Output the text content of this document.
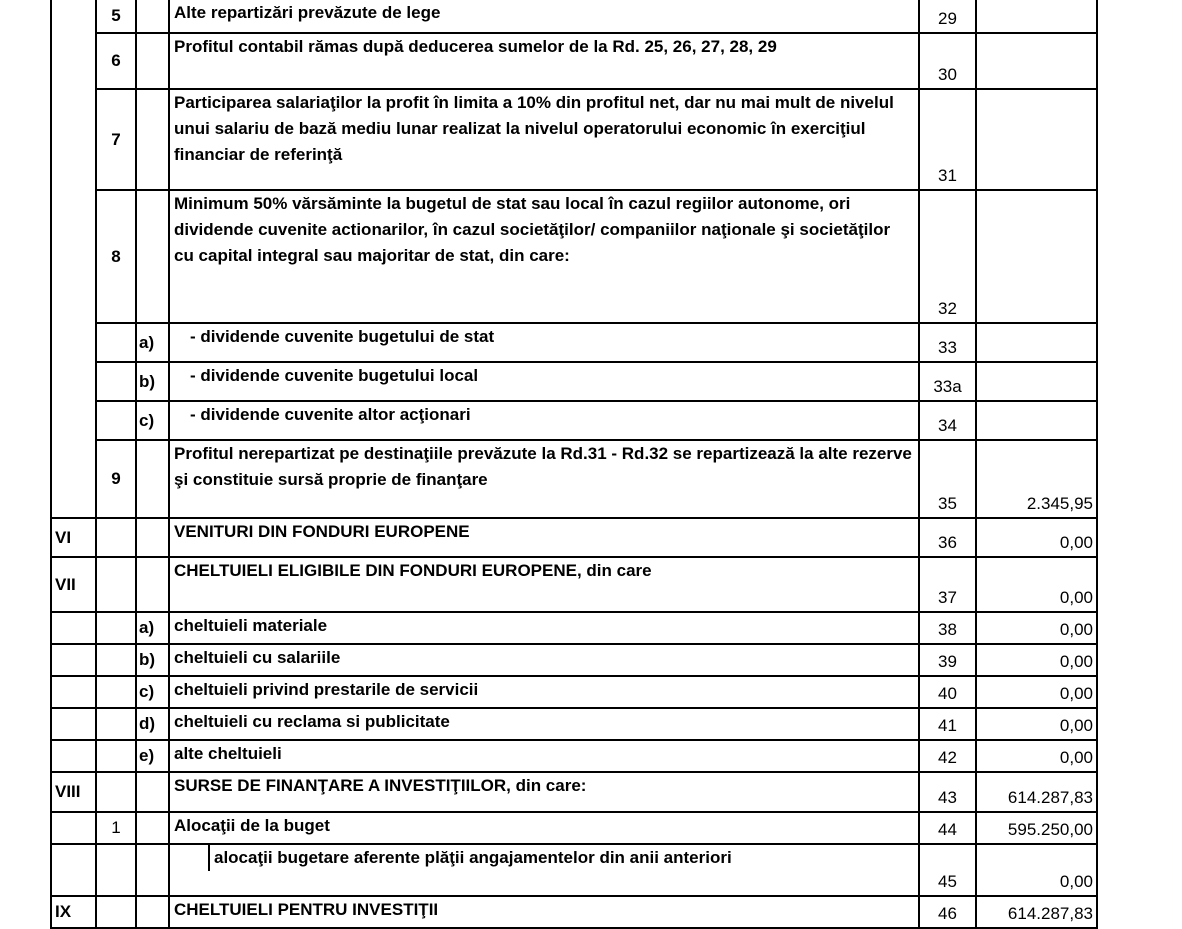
	5		Alte repartizări prevăzute de lege	29	
	6		Profitul contabil rămas după deducerea sumelor de la Rd. 25, 26, 27, 28, 29	30	
	7		Participarea salariaţilor la profit în limita a 10% din profitul net, dar nu mai mult de nivelul unui salariu de bază mediu lunar realizat la nivelul operatorului economic în exerciţiul financiar de referinţă	31	
	8		Minimum 50% vărsăminte la bugetul de stat sau local în cazul regiilor autonome, ori dividende cuvenite actionarilor, în cazul societăţilor/ companiilor naţionale şi societăţilor cu capital integral sau majoritar de stat, din care:	32	
		a)	- dividende cuvenite bugetului de stat	33	
		b)	- dividende cuvenite bugetului local	33a	
		c)	- dividende cuvenite altor acţionari	34	
	9		Profitul nerepartizat pe destinaţiile prevăzute la Rd.31 - Rd.32 se repartizează la alte rezerve şi constituie sursă proprie de finanţare	35	2.345,95
VI			VENITURI DIN FONDURI EUROPENE	36	0,00
VII			CHELTUIELI ELIGIBILE DIN FONDURI EUROPENE, din care	37	0,00
		a)	cheltuieli materiale	38	0,00
		b)	cheltuieli cu salariile	39	0,00
		c)	cheltuieli privind prestarile de servicii	40	0,00
		d)	cheltuieli cu reclama si publicitate	41	0,00
		e)	alte cheltuieli	42	0,00
VIII			SURSE DE FINANŢARE A INVESTIŢIILOR, din care:	43	614.287,83
	1		Alocaţii de la buget	44	595.250,00

			alocaţii bugetare aferente plăţii angajamentelor din anii anteriori	45	0,00
IX			CHELTUIELI PENTRU INVESTIŢII	46	614.287,83
